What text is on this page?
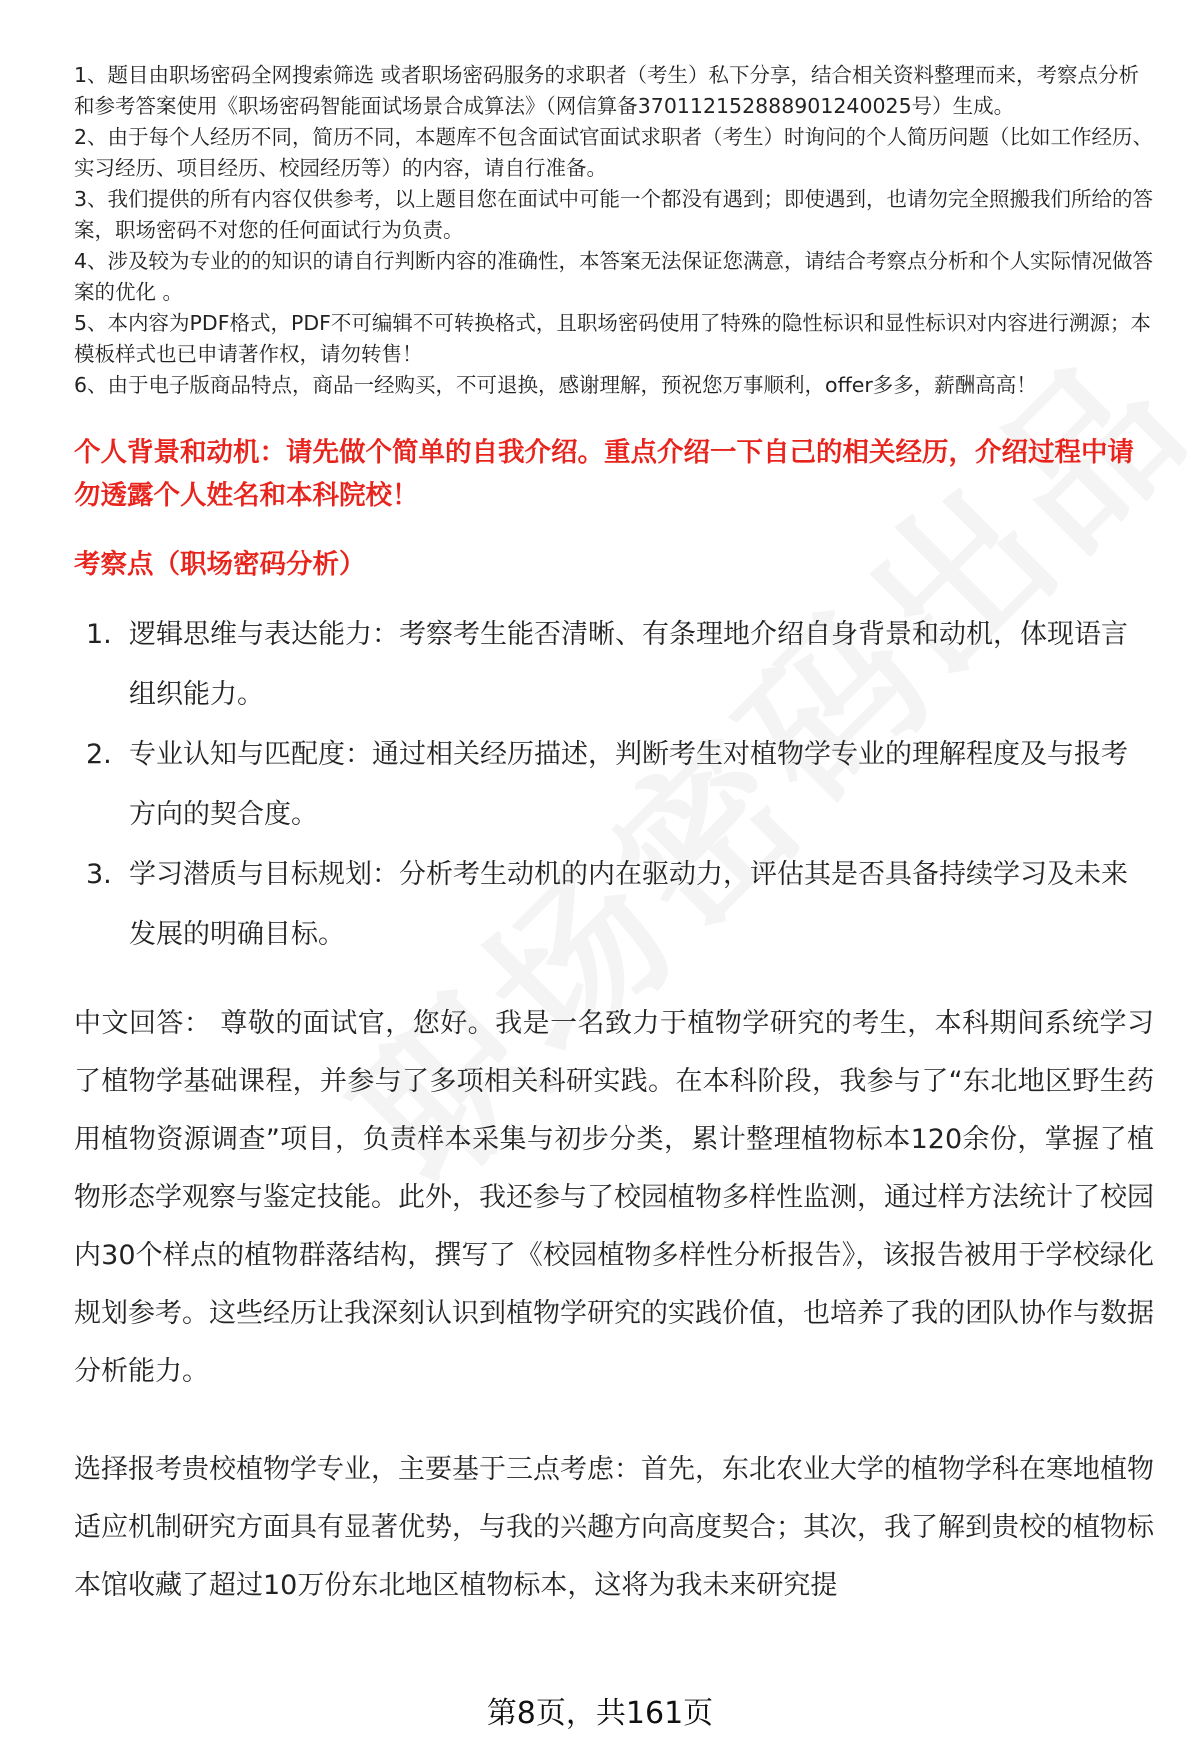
1、题目由职场密码全网搜索筛选 或者职场密码服务的求职者（考生）私下分享，结合相关资料整理而来，考察点分析和参考答案使用《职场密码智能面试场景合成算法》（网信算备370112152888901240025号）生成。

2、由于每个人经历不同，简历不同，本题库不包含面试官面试求职者（考生）时询问的个人简历问题（比如工作经历、实习经历、项目经历、校园经历等）的内容，请自行准备。

3、我们提供的所有内容仅供参考，以上题目您在面试中可能一个都没有遇到；即使遇到，也请勿完全照搬我们所给的答案，职场密码不对您的任何面试行为负责。

4、涉及较为专业的的知识的请自行判断内容的准确性，本答案无法保证您满意，请结合考察点分析和个人实际情况做答案的优化 。

5、本内容为PDF格式，PDF不可编辑不可转换格式，且职场密码使用了特殊的隐性标识和显性标识对内容进行溯源；本模板样式也已申请著作权，请勿转售！

6、由于电子版商品特点，商品一经购买，不可退换，感谢理解，预祝您万事顺利，offer多多，薪酬高高！

个人背景和动机：请先做个简单的自我介绍。重点介绍一下自己的相关经历，介绍过程中请勿透露个人姓名和本科院校！
考察点（职场密码分析）
1. 逻辑思维与表达能力：考察考生能否清晰、有条理地介绍自身背景和动机，体现语言组织能力。
2. 专业认知与匹配度：通过相关经历描述，判断考生对植物学专业的理解程度及与报考方向的契合度。
3. 学习潜质与目标规划：分析考生动机的内在驱动力，评估其是否具备持续学习及未来发展的明确目标。

中文回答： 尊敬的面试官，您好。我是一名致力于植物学研究的考生，本科期间系统学习了植物学基础课程，并参与了多项相关科研实践。在本科阶段，我参与了“东北地区野生药用植物资源调查”项目，负责样本采集与初步分类，累计整理植物标本120余份，掌握了植物形态学观察与鉴定技能。此外，我还参与了校园植物多样性监测，通过样方法统计了校园内30个样点的植物群落结构，撰写了《校园植物多样性分析报告》，该报告被用于学校绿化规划参考。这些经历让我深刻认识到植物学研究的实践价值，也培养了我的团队协作与数据分析能力。

选择报考贵校植物学专业，主要基于三点考虑：首先，东北农业大学的植物学科在寒地植物适应机制研究方面具有显著优势，与我的兴趣方向高度契合；其次，我了解到贵校的植物标本馆收藏了超过10万份东北地区植物标本，这将为我未来研究提

第8页，共161页
